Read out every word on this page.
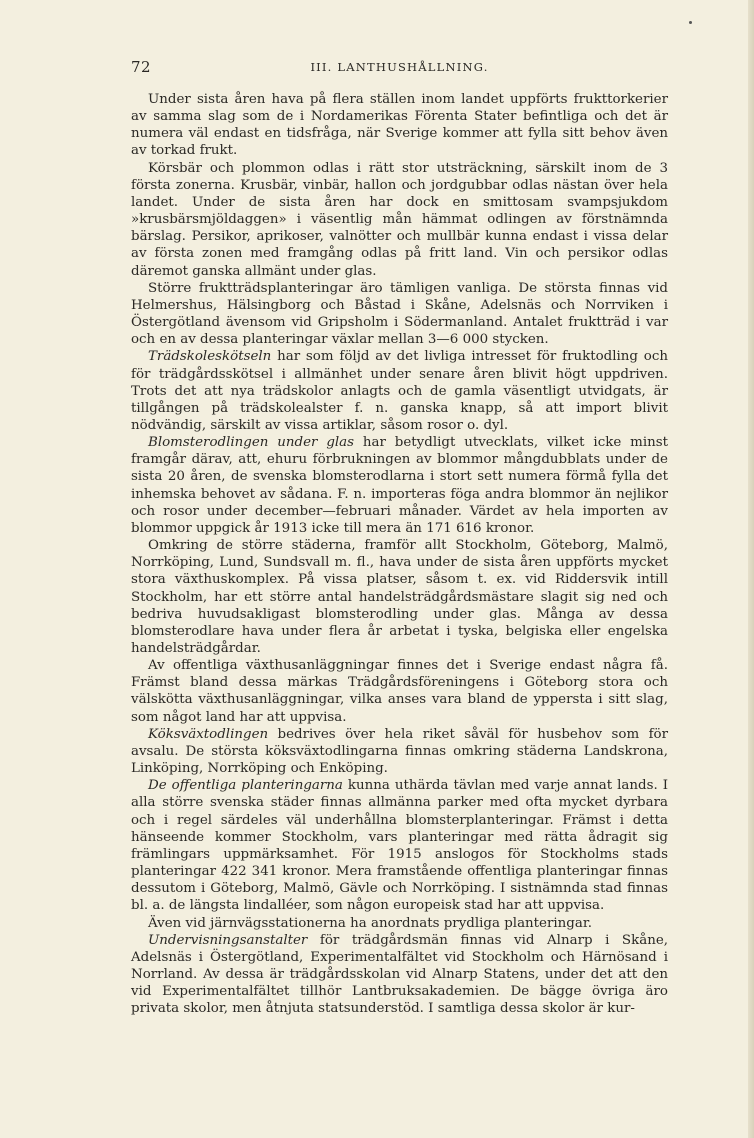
72	III. LANTHUSHÅLLNING.

Under sista åren hava på flera ställen inom landet uppförts frukttorkerier av samma slag som de i Nordamerikas Förenta Stater befintliga och det är numera väl endast en tidsfråga, när Sverige kommer att fylla sitt behov även av torkad frukt.

Körsbär och plommon odlas i rätt stor utsträckning, särskilt inom de 3 första zonerna. Krusbär, vinbär, hallon och jordgubbar odlas nästan över hela landet. Under de sista åren har dock en smittosam svampsjukdom »krusbärsmjöldaggen» i väsentlig mån hämmat odlingen av förstnämnda bärslag. Persikor, aprikoser, valnötter och mullbär kunna endast i vissa delar av första zonen med framgång odlas på fritt land. Vin och persikor odlas däremot ganska allmänt under glas.

Större fruktträdsplanteringar äro tämligen vanliga. De största finnas vid Helmershus, Hälsingborg och Båstad i Skåne, Adelsnäs och Norrviken i Östergötland ävensom vid Gripsholm i Södermanland. Antalet fruktträd i var och en av dessa planteringar växlar mellan 3—6 000 stycken.

Trädskoleskötseln har som följd av det livliga intresset för fruktodling och för trädgårdsskötsel i allmänhet under senare åren blivit högt uppdriven. Trots det att nya trädskolor anlagts och de gamla väsentligt utvidgats, är tillgången på trädskolealster f. n. ganska knapp, så att import blivit nödvändig, särskilt av vissa artiklar, såsom rosor o. dyl.

Blomsterodlingen under glas har betydligt utvecklats, vilket icke minst framgår därav, att, ehuru förbrukningen av blommor mångdubblats under de sista 20 åren, de svenska blomsterodlarna i stort sett numera förmå fylla det inhemska behovet av sådana. F. n. importeras föga andra blommor än nejlikor och rosor under december—februari månader. Värdet av hela importen av blommor uppgick år 1913 icke till mera än 171 616 kronor.

Omkring de större städerna, framför allt Stockholm, Göteborg, Malmö, Norrköping, Lund, Sundsvall m. fl., hava under de sista åren uppförts mycket stora växthuskomplex. På vissa platser, såsom t. ex. vid Riddersvik intill Stockholm, har ett större antal handelsträdgårdsmästare slagit sig ned och bedriva huvudsakligast blomsterodling under glas. Många av dessa blomsterodlare hava under flera år arbetat i tyska, belgiska eller engelska handelsträdgårdar.

Av offentliga växthusanläggningar finnes det i Sverige endast några få. Främst bland dessa märkas Trädgårdsföreningens i Göteborg stora och välskötta växthusanläggningar, vilka anses vara bland de yppersta i sitt slag, som något land har att uppvisa.

Köksväxtodlingen bedrives över hela riket såväl för husbehov som för avsalu. De största köksväxtodlingarna finnas omkring städerna Landskrona, Linköping, Norrköping och Enköping.

De offentliga planteringarna kunna uthärda tävlan med varje annat lands. I alla större svenska städer finnas allmänna parker med ofta mycket dyrbara och i regel särdeles väl underhållna blomsterplanteringar. Främst i detta hänseende kommer Stockholm, vars planteringar med rätta ådragit sig främlingars uppmärksamhet. För 1915 anslogos för Stockholms stads planteringar 422 341 kronor. Mera framstående offentliga planteringar finnas dessutom i Göteborg, Malmö, Gävle och Norrköping. I sistnämnda stad finnas bl. a. de längsta lindalléer, som någon europeisk stad har att uppvisa.

Även vid järnvägsstationerna ha anordnats prydliga planteringar.

Undervisningsanstalter för trädgårdsmän finnas vid Alnarp i Skåne, Adelsnäs i Östergötland, Experimentalfältet vid Stockholm och Härnösand i Norrland. Av dessa är trädgårdsskolan vid Alnarp Statens, under det att den vid Experimentalfältet tillhör Lantbruksakademien. De bägge övriga äro privata skolor, men åtnjuta statsunderstöd. I samtliga dessa skolor är kur-
